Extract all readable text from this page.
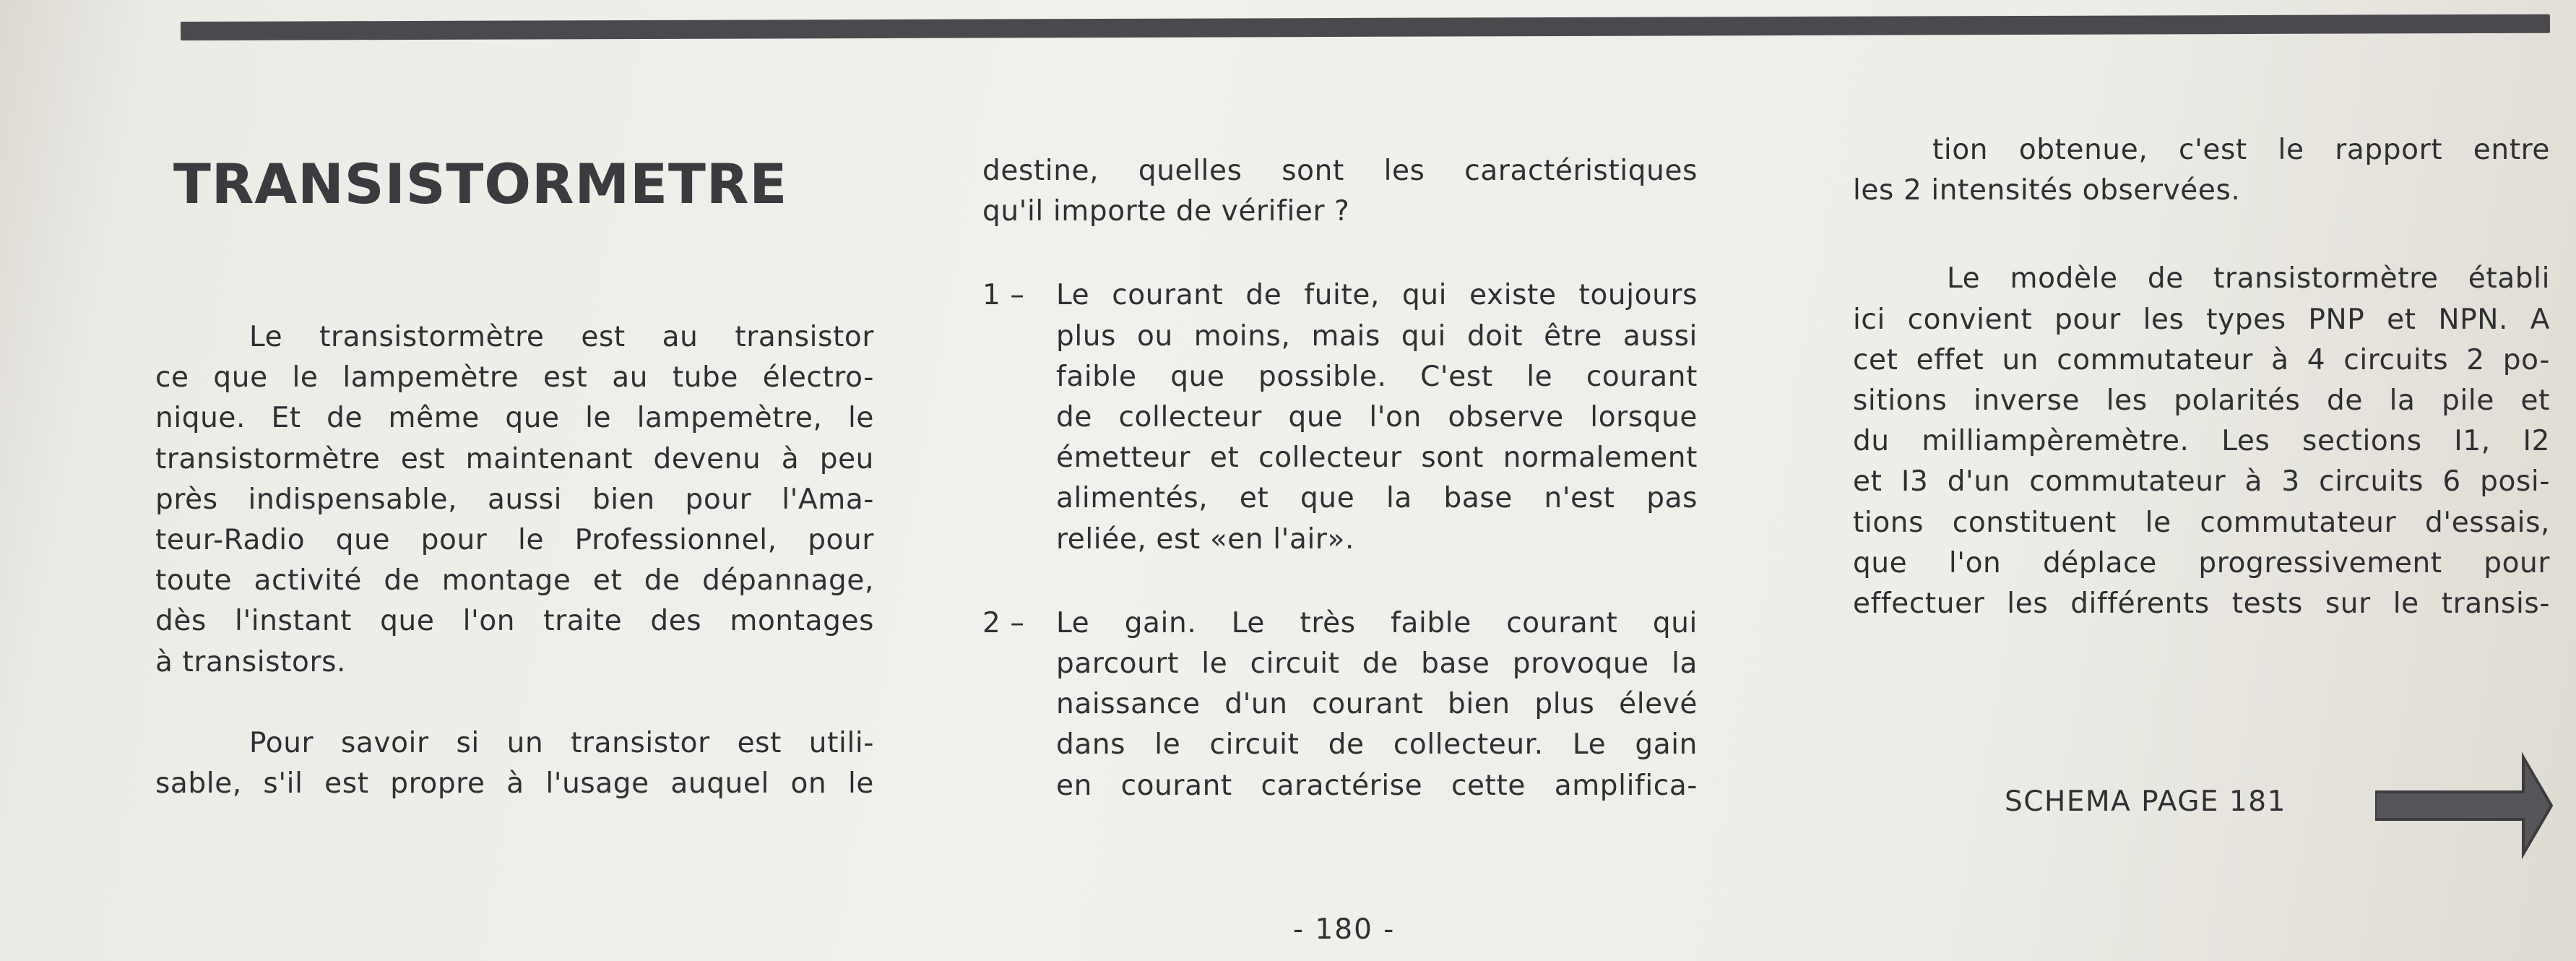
TRANSISTORMETRE
Le transistormètre est au transistor
ce que le lampemètre est au tube électro-
nique. Et de même que le lampemètre, le
transistormètre est maintenant devenu à peu
près indispensable, aussi bien pour l'Ama-
teur-Radio que pour le Professionnel, pour
toute activité de montage et de dépannage,
dès l'instant que l'on traite des montages
à transistors.
Pour savoir si un transistor est utili-
sable, s'il est propre à l'usage auquel on le
destine, quelles sont les caractéristiques
qu'il importe de vérifier ?
1 – Le courant de fuite, qui existe toujours
plus ou moins, mais qui doit être aussi
faible que possible. C'est le courant
de collecteur que l'on observe lorsque
émetteur et collecteur sont normalement
alimentés, et que la base n'est pas
reliée, est «en l'air».
2 – Le gain. Le très faible courant qui
parcourt le circuit de base provoque la
naissance d'un courant bien plus élevé
dans le circuit de collecteur. Le gain
en courant caractérise cette amplifica-
tion obtenue, c'est le rapport entre
les 2 intensités observées.
Le modèle de transistormètre établi
ici convient pour les types PNP et NPN. A
cet effet un commutateur à 4 circuits 2 po-
sitions inverse les polarités de la pile et
du milliampèremètre. Les sections I1, I2
et I3 d'un commutateur à 3 circuits 6 posi-
tions constituent le commutateur d'essais,
que l'on déplace progressivement pour
effectuer les différents tests sur le transis-
SCHEMA PAGE 181
- 180 -
